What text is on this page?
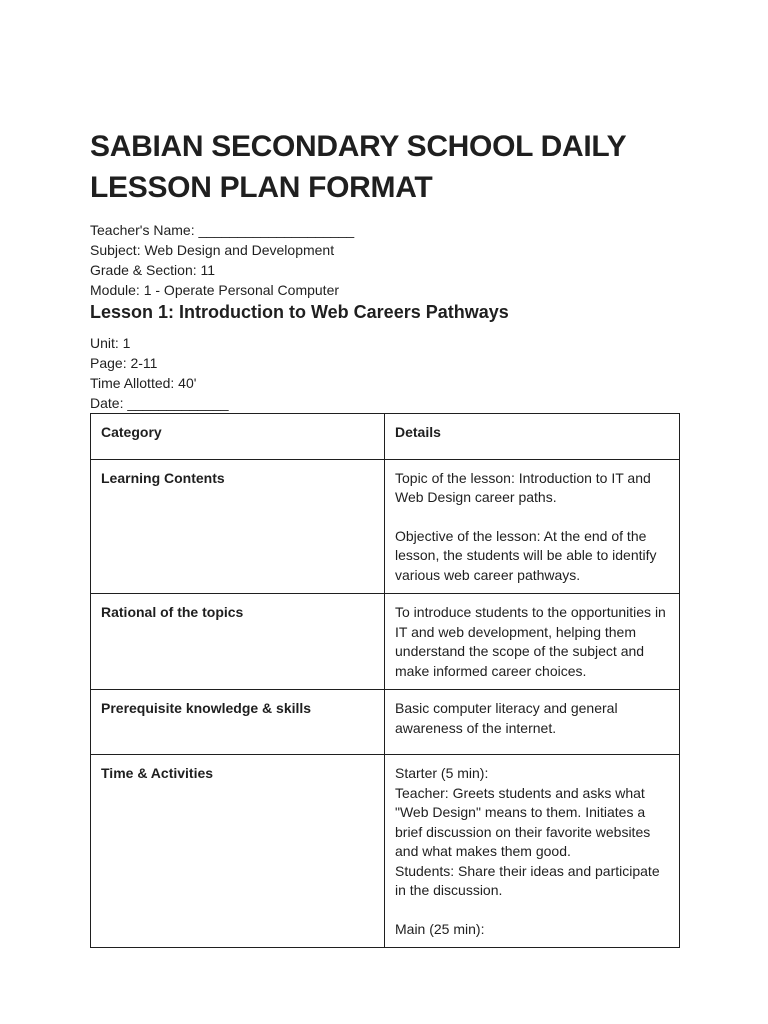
SABIAN SECONDARY SCHOOL DAILY
LESSON PLAN FORMAT

Teacher's Name: ____________________

Subject: Web Design and Development

Grade & Section: 11

Module: 1 - Operate Personal Computer

Lesson 1: Introduction to Web Careers Pathways

Unit: 1

Page: 2-11

Time Allotted: 40'

Date: _____________

Category	Details
Learning Contents	Topic of the lesson: Introduction to IT and Web Design career paths.

Objective of the lesson: At the end of the lesson, the students will be able to identify various web career pathways.

Rational of the topics	To introduce students to the opportunities in IT and web development, helping them understand the scope of the subject and make informed career choices.

Prerequisite knowledge & skills	Basic computer literacy and general awareness of the internet.

Time & Activities	Starter (5 min):

Teacher: Greets students and asks what "Web Design" means to them. Initiates a brief discussion on their favorite websites and what makes them good.

Students: Share their ideas and participate in the discussion.

Main (25 min):
